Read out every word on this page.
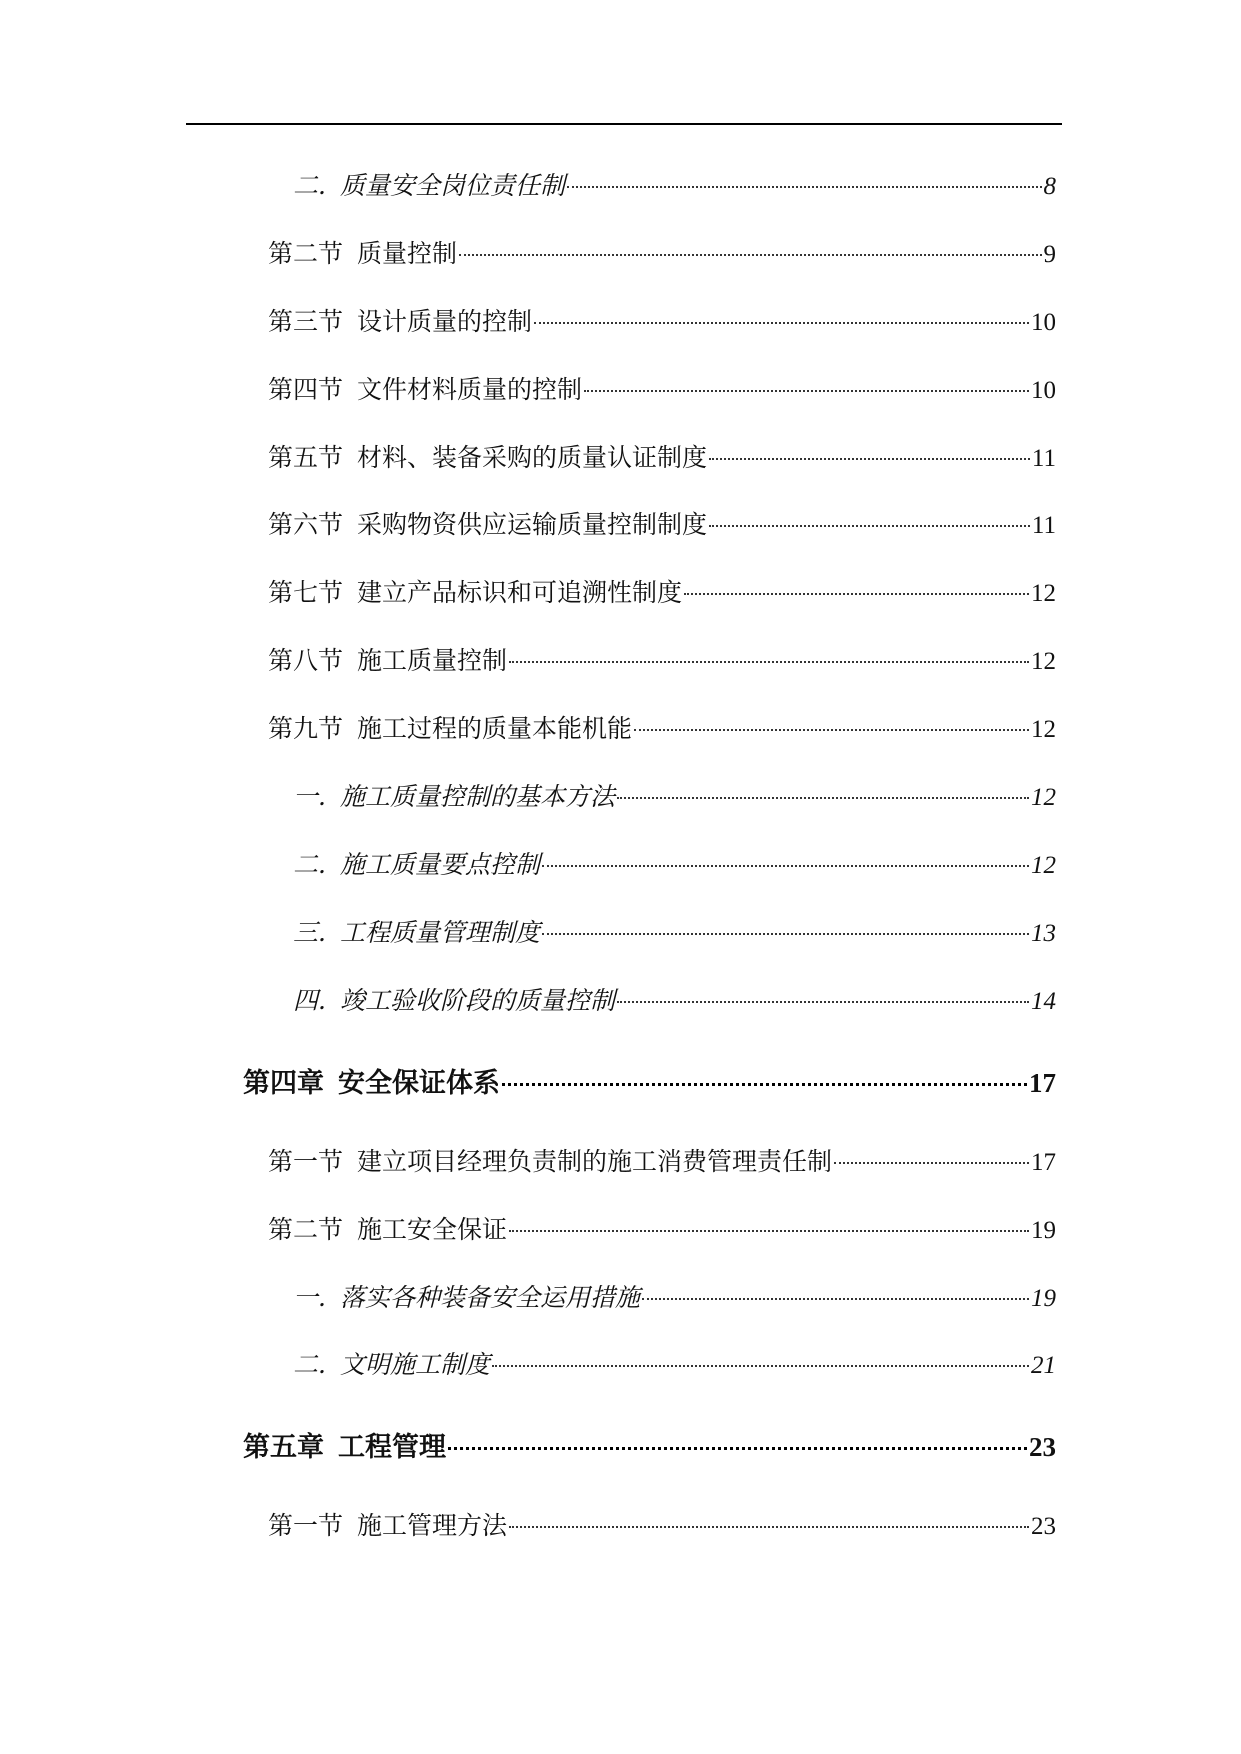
二. 质量安全岗位责任制	8
第二节 质量控制	9
第三节 设计质量的控制	10
第四节 文件材料质量的控制	10
第五节 材料、装备采购的质量认证制度	11
第六节 采购物资供应运输质量控制制度	11
第七节 建立产品标识和可追溯性制度	12
第八节 施工质量控制	12
第九节 施工过程的质量本能机能	12
一. 施工质量控制的基本方法	12
二. 施工质量要点控制	12
三. 工程质量管理制度	13
四. 竣工验收阶段的质量控制	14
第四章 安全保证体系	17
第一节 建立项目经理负责制的施工消费管理责任制	17
第二节 施工安全保证	19
一. 落实各种装备安全运用措施	19
二. 文明施工制度	21
第五章 工程管理	23
第一节 施工管理方法	23
